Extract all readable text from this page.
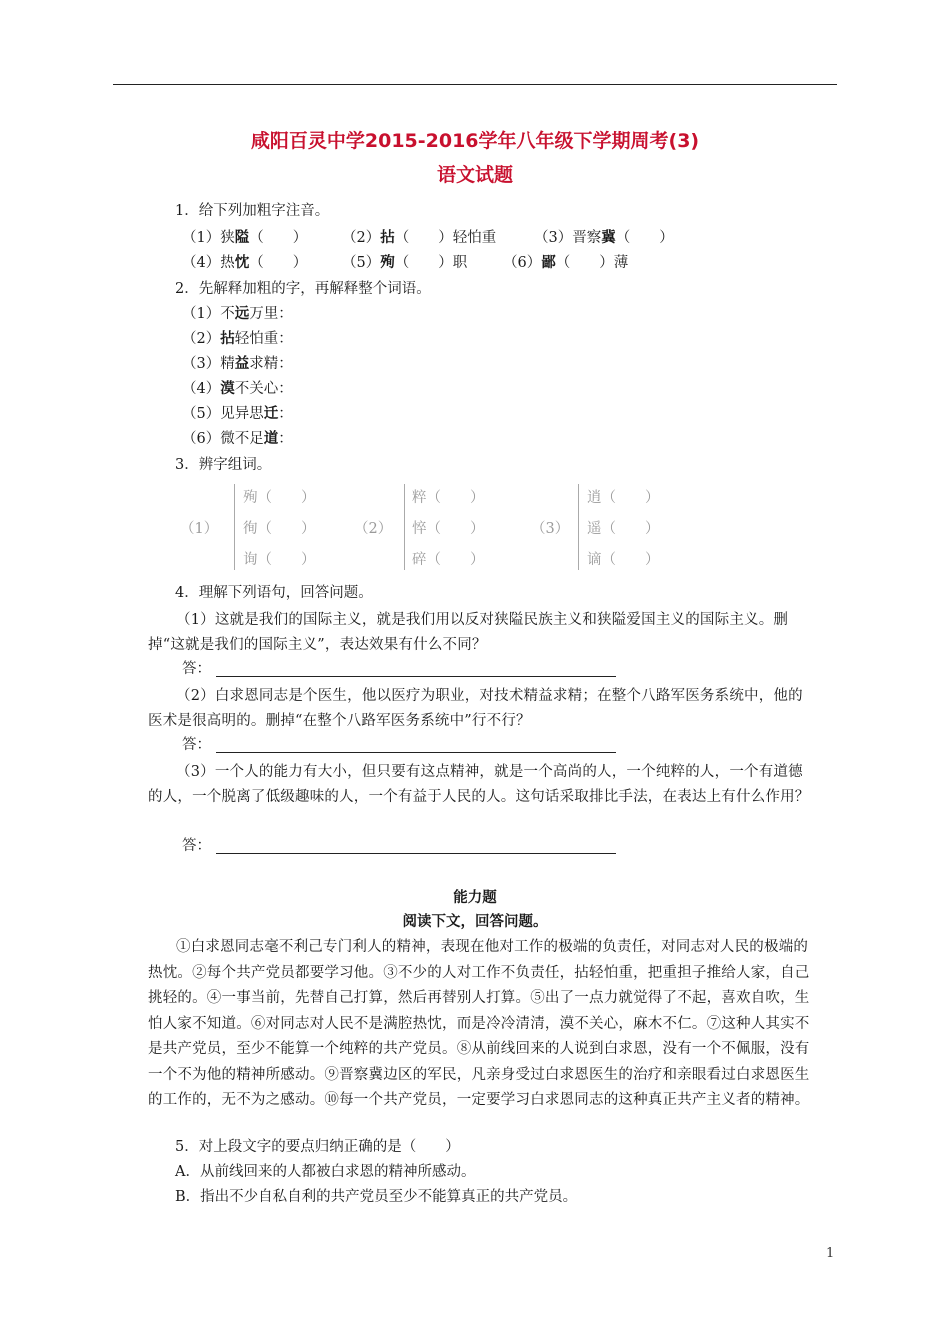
咸阳百灵中学2015-2016学年八年级下学期周考(3)
语文试题
1．给下列加粗字注音。
（1）狭隘（　　） （2）拈（　　）轻怕重	（3）晋察冀（　　）
（4）热忱（　　） （5）殉（　　）职 （6）鄙（　　）薄
2．先解释加粗的字，再解释整个词语。
（1）不远万里：
（2）拈轻怕重：
（3）精益求精：
（4）漠不关心：
（5）见异思迁：
（6）微不足道：
3．辨字组词。
（1）
殉（　　）
徇（　　）
询（　　）
（2）
粹（　　）
悴（　　）
碎（　　）
（3）
逍（　　）
遥（　　）
谪（　　）
4．理解下列语句，回答问题。
（1）这就是我们的国际主义，就是我们用以反对狭隘民族主义和狭隘爱国主义的国际主义。删掉“这就是我们的国际主义”，表达效果有什么不同？
答：
（2）白求恩同志是个医生，他以医疗为职业，对技术精益求精；在整个八路军医务系统中，他的医术是很高明的。删掉“在整个八路军医务系统中”行不行？
答：
（3）一个人的能力有大小，但只要有这点精神，就是一个高尚的人，一个纯粹的人，一个有道德的人，一个脱离了低级趣味的人，一个有益于人民的人。这句话采取排比手法，在表达上有什么作用？
答：
能力题
阅读下文，回答问题。
①白求恩同志毫不利己专门利人的精神，表现在他对工作的极端的负责任，对同志对人民的极端的热忱。②每个共产党员都要学习他。③不少的人对工作不负责任，拈轻怕重，把重担子推给人家，自己挑轻的。④一事当前，先替自己打算，然后再替别人打算。⑤出了一点力就觉得了不起，喜欢自吹，生怕人家不知道。⑥对同志对人民不是满腔热忱，而是冷冷清清，漠不关心，麻木不仁。⑦这种人其实不是共产党员，至少不能算一个纯粹的共产党员。⑧从前线回来的人说到白求恩，没有一个不佩服，没有一个不为他的精神所感动。⑨晋察冀边区的军民，凡亲身受过白求恩医生的治疗和亲眼看过白求恩医生的工作的，无不为之感动。⑩每一个共产党员，一定要学习白求恩同志的这种真正共产主义者的精神。
5．对上段文字的要点归纳正确的是（　　）
A．从前线回来的人都被白求恩的精神所感动。
B．指出不少自私自利的共产党员至少不能算真正的共产党员。
1
